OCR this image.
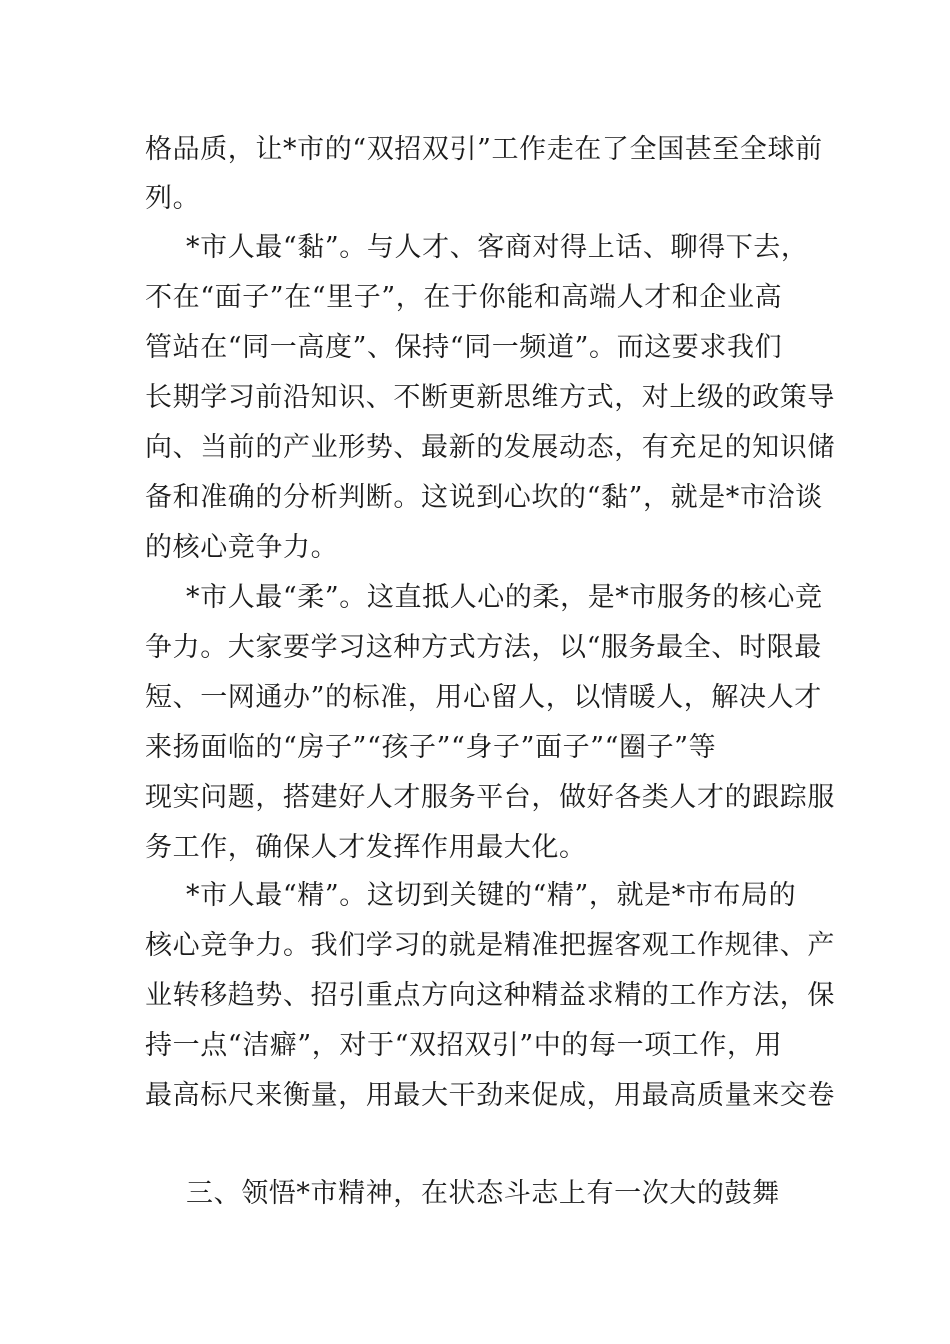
格品质，让*市的“双招双引”工作走在了全国甚至全球前
列。
*市人最“黏”。与人才、客商对得上话、聊得下去，
不在“面子”在“里子”，在于你能和高端人才和企业高
管站在“同一高度”、保持“同一频道”。而这要求我们
长期学习前沿知识、不断更新思维方式，对上级的政策导
向、当前的产业形势、最新的发展动态，有充足的知识储
备和准确的分析判断。这说到心坎的“黏”，就是*市洽谈
的核心竞争力。
*市人最“柔”。这直抵人心的柔，是*市服务的核心竞
争力。大家要学习这种方式方法，以“服务最全、时限最
短、一网通办”的标准，用心留人，以情暖人，解决人才
来扬面临的“房子”“孩子”“身子”面子”“圈子”等
现实问题，搭建好人才服务平台，做好各类人才的跟踪服
务工作，确保人才发挥作用最大化。
*市人最“精”。这切到关键的“精”，就是*市布局的
核心竞争力。我们学习的就是精准把握客观工作规律、产
业转移趋势、招引重点方向这种精益求精的工作方法，保
持一点“洁癖”，对于“双招双引”中的每一项工作，用
最高标尺来衡量，用最大干劲来促成，用最高质量来交卷
三、领悟*市精神，在状态斗志上有一次大的鼓舞
